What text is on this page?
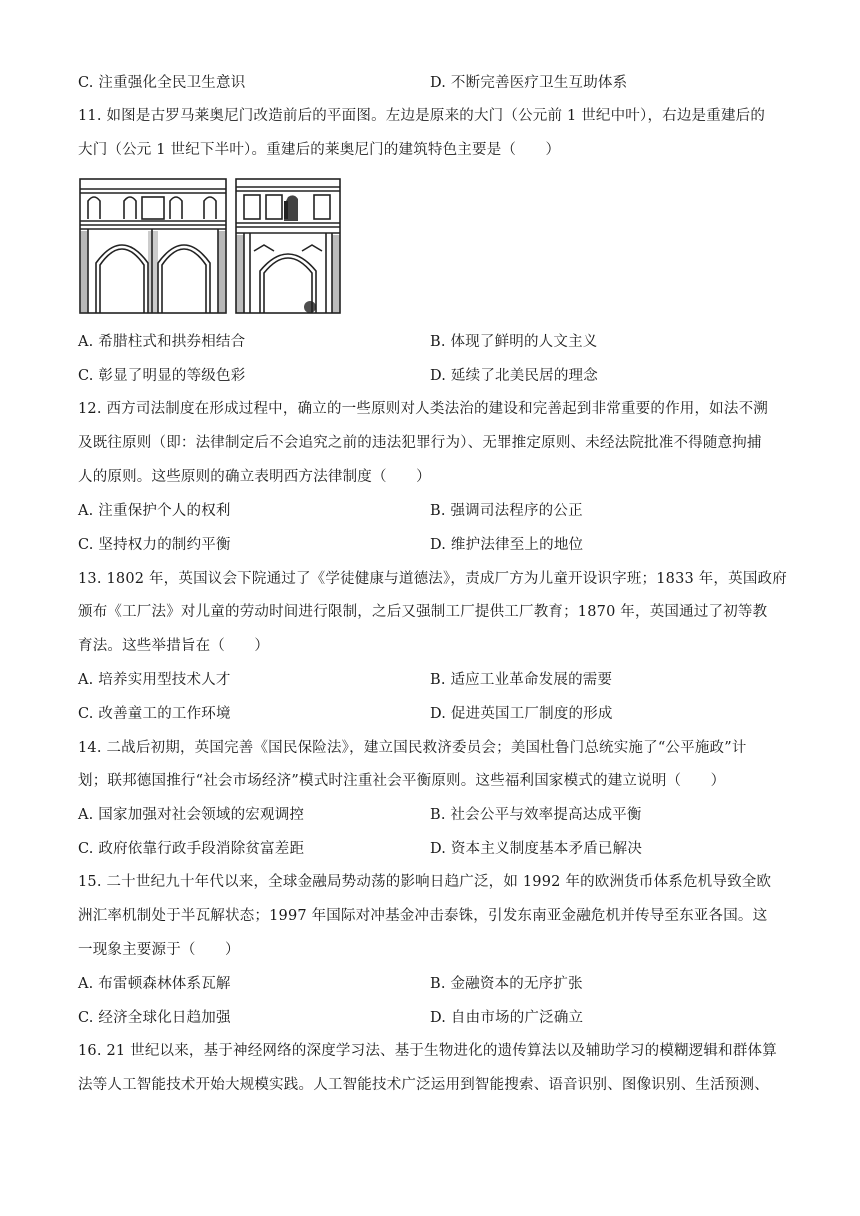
C. 注重强化全民卫生意识	D. 不断完善医疗卫生互助体系
11. 如图是古罗马莱奥尼门改造前后的平面图。左边是原来的大门（公元前 1 世纪中叶），右边是重建后的
大门（公元 1 世纪下半叶）。重建后的莱奥尼门的建筑特色主要是（　　）
A. 希腊柱式和拱券相结合	B. 体现了鲜明的人文主义
C. 彰显了明显的等级色彩	D. 延续了北美民居的理念
12. 西方司法制度在形成过程中，确立的一些原则对人类法治的建设和完善起到非常重要的作用，如法不溯
及既往原则（即：法律制定后不会追究之前的违法犯罪行为）、无罪推定原则、未经法院批准不得随意拘捕
人的原则。这些原则的确立表明西方法律制度（　　）
A. 注重保护个人的权利	B. 强调司法程序的公正
C. 坚持权力的制约平衡	D. 维护法律至上的地位
13. 1802 年，英国议会下院通过了《学徒健康与道德法》，责成厂方为儿童开设识字班；1833 年，英国政府
颁布《工厂法》对儿童的劳动时间进行限制，之后又强制工厂提供工厂教育；1870 年，英国通过了初等教
育法。这些举措旨在（　　）
A. 培养实用型技术人才	B. 适应工业革命发展的需要
C. 改善童工的工作环境	D. 促进英国工厂制度的形成
14. 二战后初期，英国完善《国民保险法》，建立国民救济委员会；美国杜鲁门总统实施了“公平施政”计
划；联邦德国推行“社会市场经济”模式时注重社会平衡原则。这些福利国家模式的建立说明（　　）
A. 国家加强对社会领域的宏观调控	B. 社会公平与效率提高达成平衡
C. 政府依靠行政手段消除贫富差距	D. 资本主义制度基本矛盾已解决
15. 二十世纪九十年代以来，全球金融局势动荡的影响日趋广泛，如 1992 年的欧洲货币体系危机导致全欧
洲汇率机制处于半瓦解状态；1997 年国际对冲基金冲击泰铢，引发东南亚金融危机并传导至东亚各国。这
一现象主要源于（　　）
A. 布雷顿森林体系瓦解	B. 金融资本的无序扩张
C. 经济全球化日趋加强	D. 自由市场的广泛确立
16. 21 世纪以来，基于神经网络的深度学习法、基于生物进化的遗传算法以及辅助学习的模糊逻辑和群体算
法等人工智能技术开始大规模实践。人工智能技术广泛运用到智能搜索、语音识别、图像识别、生活预测、
